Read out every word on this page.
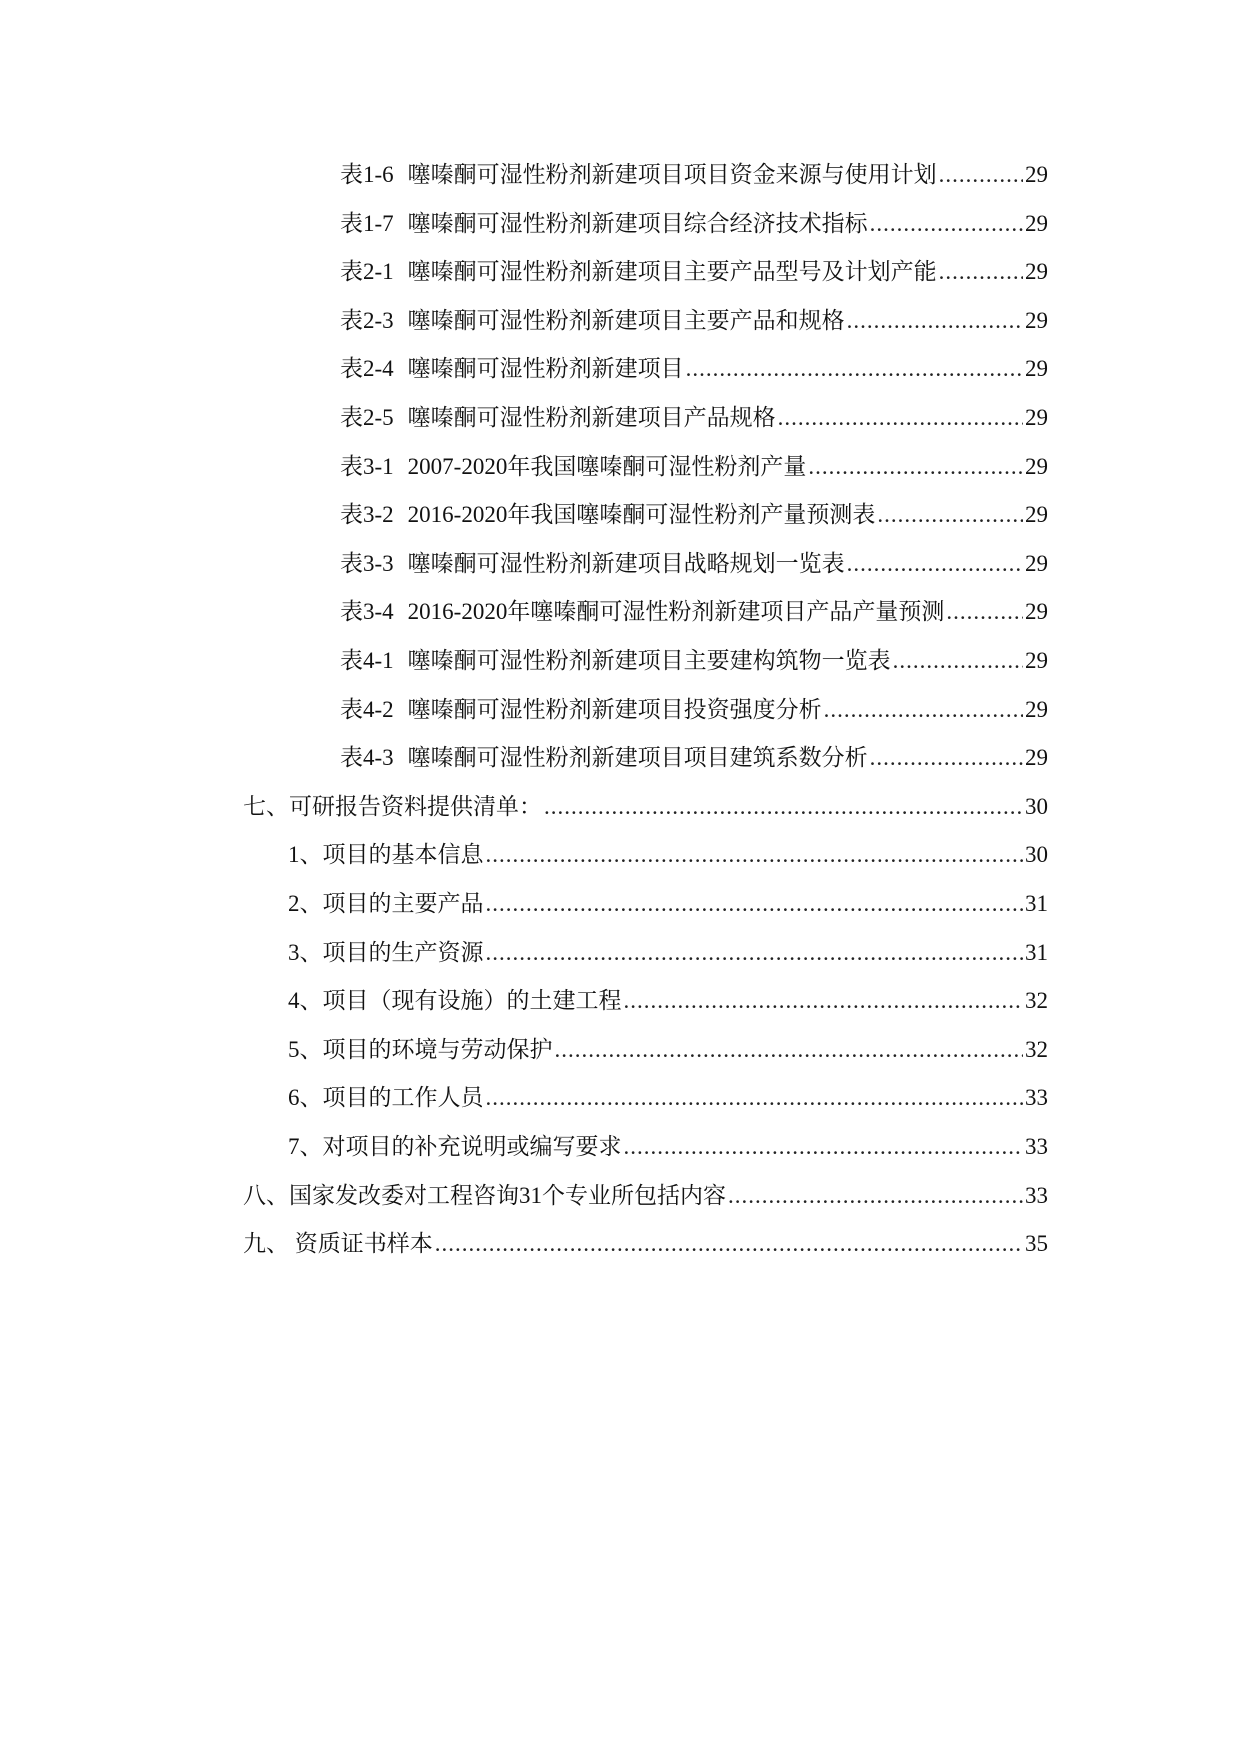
表1-6 噻嗪酮可湿性粉剂新建项目项目资金来源与使用计划 .....	29
表1-7 噻嗪酮可湿性粉剂新建项目综合经济技术指标 .....	29
表2-1 噻嗪酮可湿性粉剂新建项目主要产品型号及计划产能 .....	29
表2-3 噻嗪酮可湿性粉剂新建项目主要产品和规格 .....	29
表2-4 噻嗪酮可湿性粉剂新建项目 .....	29
表2-5 噻嗪酮可湿性粉剂新建项目产品规格 .....	29
表3-1 2007-2020年我国噻嗪酮可湿性粉剂产量 .....	29
表3-2 2016-2020年我国噻嗪酮可湿性粉剂产量预测表 .....	29
表3-3 噻嗪酮可湿性粉剂新建项目战略规划一览表 .....	29
表3-4 2016-2020年噻嗪酮可湿性粉剂新建项目产品产量预测 .....	29
表4-1 噻嗪酮可湿性粉剂新建项目主要建构筑物一览表 .....	29
表4-2 噻嗪酮可湿性粉剂新建项目投资强度分析 .....	29
表4-3 噻嗪酮可湿性粉剂新建项目项目建筑系数分析 .....	29
七、可研报告资料提供清单： .....	30
1、项目的基本信息 .....	30
2、项目的主要产品 .....	31
3、项目的生产资源 .....	31
4、项目（现有设施）的土建工程 .....	32
5、项目的环境与劳动保护 .....	32
6、项目的工作人员 .....	33
7、对项目的补充说明或编写要求 .....	33
八、国家发改委对工程咨询31个专业所包括内容 .....	33
九、 资质证书样本 .....	35
